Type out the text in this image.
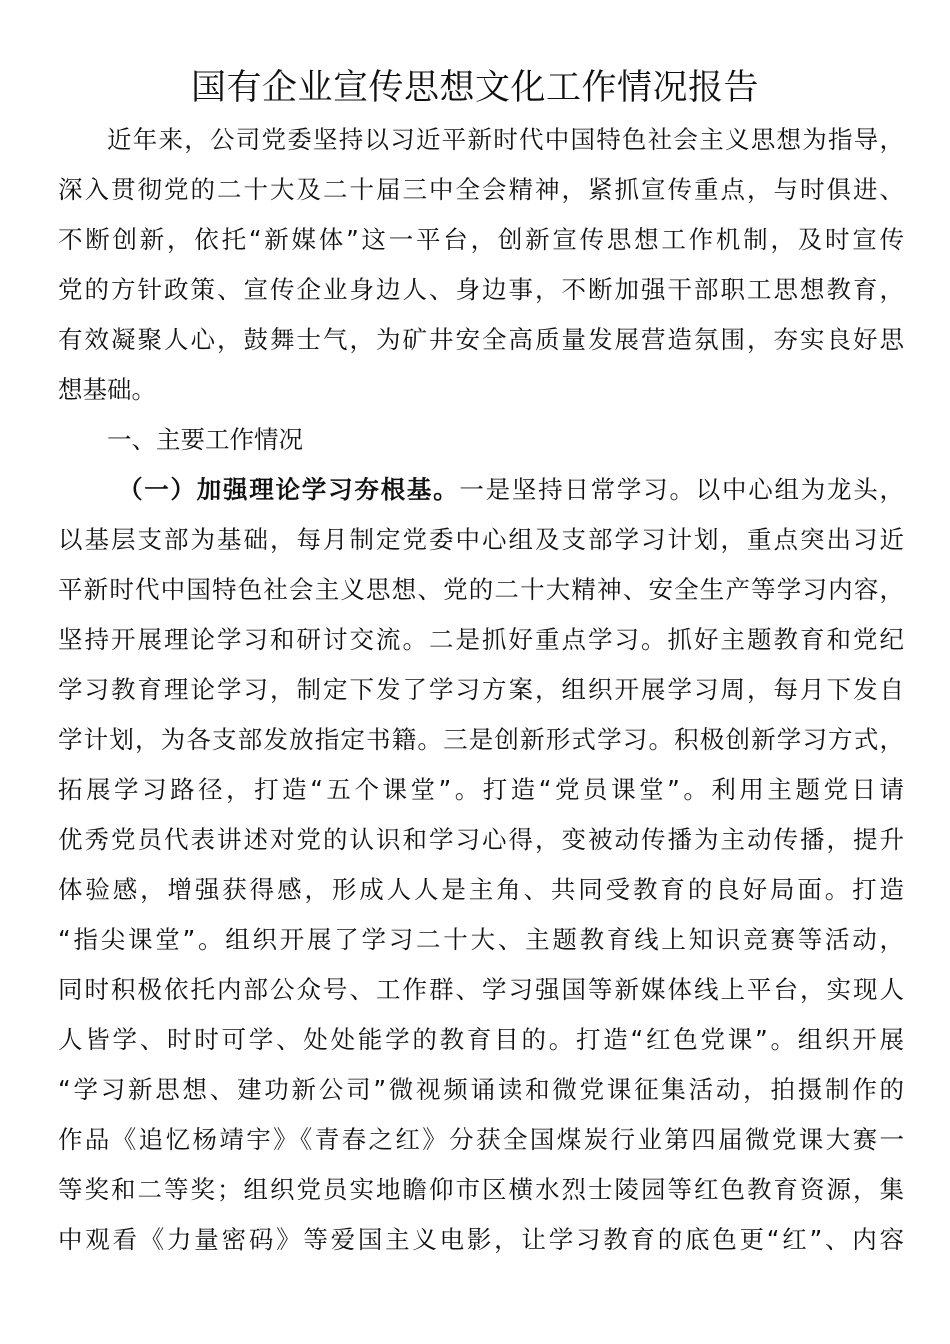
国有企业宣传思想文化工作情况报告
近年来，公司党委坚持以习近平新时代中国特色社会主义思想为指导，
深入贯彻党的二十大及二十届三中全会精神，紧抓宣传重点，与时俱进、
不断创新，依托“新媒体”这一平台，创新宣传思想工作机制，及时宣传
党的方针政策、宣传企业身边人、身边事，不断加强干部职工思想教育，
有效凝聚人心，鼓舞士气，为矿井安全高质量发展营造氛围，夯实良好思
想基础。
一、主要工作情况
（一）加强理论学习夯根基。一是坚持日常学习。以中心组为龙头，
以基层支部为基础，每月制定党委中心组及支部学习计划，重点突出习近
平新时代中国特色社会主义思想、党的二十大精神、安全生产等学习内容，
坚持开展理论学习和研讨交流。二是抓好重点学习。抓好主题教育和党纪
学习教育理论学习，制定下发了学习方案，组织开展学习周，每月下发自
学计划，为各支部发放指定书籍。三是创新形式学习。积极创新学习方式，
拓展学习路径，打造“五个课堂”。打造“党员课堂”。利用主题党日请
优秀党员代表讲述对党的认识和学习心得，变被动传播为主动传播，提升
体验感，增强获得感，形成人人是主角、共同受教育的良好局面。打造
“指尖课堂”。组织开展了学习二十大、主题教育线上知识竞赛等活动，
同时积极依托内部公众号、工作群、学习强国等新媒体线上平台，实现人
人皆学、时时可学、处处能学的教育目的。打造“红色党课”。组织开展
“学习新思想、建功新公司”微视频诵读和微党课征集活动，拍摄制作的
作品《追忆杨靖宇》《青春之红》分获全国煤炭行业第四届微党课大赛一
等奖和二等奖；组织党员实地瞻仰市区横水烈士陵园等红色教育资源，集
中观看《力量密码》等爱国主义电影，让学习教育的底色更“红”、内容
